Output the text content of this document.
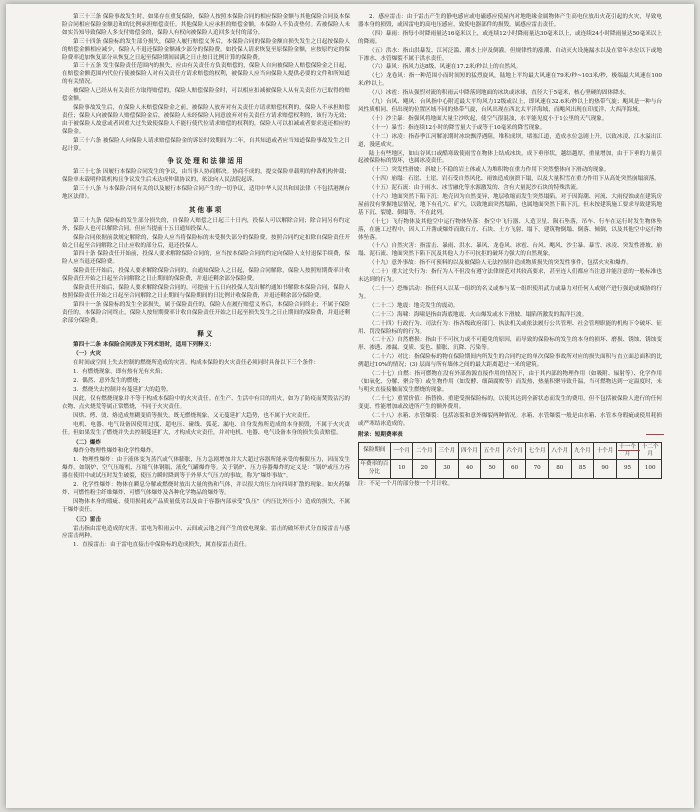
第三十三条 保险事故发生时，如果存在重复保险，保险人按照本保险合同的相应保险金额与其他保险合同及本保险合同相应保险金额总和的比例承担赔偿责任。其他保险人应承担的赔偿金额，本保险人不负责垫付。若被保险人未如实告知导致保险人多支付赔偿金的，保险人有权向被保险人追回多支付的部分。

第三十四条 保险标的发生部分损失，保险人履行赔偿义务后，本保险合同的保险金额自损失发生之日起按保险人的赔偿金额相应减少，保险人不退还保险金额减少部分的保险费。如投保人请求恢复至原保险金额，应按原约定的保险费率追加恢复部分从恢复之日起至保险期间届满之日止按日比例计算的保险费。

第三十五条 发生保险责任范围内的损失，应由有关责任方负责赔偿的，保险人自向被保险人赔偿保险金之日起，在赔偿金额范围内代位行使被保险人对有关责任方请求赔偿的权利，被保险人应当向保险人提供必要的文件和所知道的有关情况。

被保险人已经从有关责任方取得赔偿的，保险人赔偿保险金时，可以相应扣减被保险人从有关责任方已取得的赔偿金额。

保险事故发生后，在保险人未赔偿保险金之前，被保险人放弃对有关责任方请求赔偿权利的，保险人不承担赔偿责任；保险人向被保险人赔偿保险金后，被保险人未经保险人同意放弃对有关责任方请求赔偿权利的，该行为无效；由于被保险人故意或者因重大过失致使保险人不能行使代位请求赔偿的权利的，保险人可以扣减或者要求返还相应的保险金。

第三十六条 被保险人向保险人请求赔偿保险金的诉讼时效期间为二年，自其知道或者应当知道保险事故发生之日起计算。

争议处理和法律适用

第三十七条 因履行本保险合同发生的争议，由当事人协商解决。协商不成的，提交保险单载明的仲裁机构仲裁；保险单未载明仲裁机构且争议发生后未达成仲裁协议的，依法向人民法院起诉。

第三十八条 与本保险合同有关的以及履行本保险合同产生的一切争议，适用中华人民共和国法律（不包括港澳台地区法律）。

其他事项

第三十九条 保险标的发生部分损失的，自保险人赔偿之日起三十日内，投保人可以解除合同；除合同另有约定外，保险人也可以解除合同，但应当提前十五日通知投保人。

保险合同依据前款规定解除的，保险人应当将保险标的未受损失部分的保险费，按照合同约定扣除自保险责任开始之日起至合同解除之日止应收的部分后，退还投保人。

第四十条 保险责任开始前，投保人要求解除保险合同的，应当按本保险合同的约定向保险人支付退保手续费，保险人应当退还保险费。

保险责任开始后，投保人要求解除保险合同的，自通知保险人之日起，保险合同解除，保险人按照短期费率计收保险责任开始之日起至合同解除之日止期间的保险费，并退还剩余部分保险费。

保险责任开始后，保险人要求解除保险合同的，可提前十五日向投保人发出解约通知书解除本保险合同，保险人按照保险责任开始之日起至合同解除之日止期间与保险期间的日比例计收保险费，并退还剩余部分保险费。

第四十一条 保险标的发生全部损失，属于保险责任的，保险人在履行赔偿义务后，本保险合同终止；不属于保险责任的，本保险合同终止，保险人按短期费率计收自保险责任开始之日起至损失发生之日止期间的保险费，并退还剩余部分保险费。

释义

第四十二条 本保险合同涉及下列术语时，适用下列释义：

（一）火灾

在时间或空间上失去控制的燃烧所造成的灾害。构成本保险的火灾责任必须同时具备以下三个条件：

1．有燃烧现象，即有热有光有火焰；

2．偶然、意外发生的燃烧；

3．燃烧失去控制并有蔓延扩大的趋势。

因此，仅有燃烧现象并不等于构成本保险中的火灾责任。在生产、生活中有目的用火，如为了防疫而焚毁沾污的衣物、点火烧荒等属正常燃烧，不同于火灾责任。

因烘、烤、烫、烙造成焦糊变质等损失，既无燃烧现象，又无蔓延扩大趋势，也不属于火灾责任。

电机、电器、电气设备因使用过度、超电压、碰线、弧花、漏电、自身发热所造成的本身损毁，不属于火灾责任。但如果发生了燃烧并失去控制蔓延扩大，才构成火灾责任，并对电机、电器、电气设备本身的损失负责赔偿。

（二）爆炸

爆炸分物理性爆炸和化学性爆炸。

1．物理性爆炸：由于液体变为蒸汽或气体膨胀，压力急剧增加并大大超过容器所能承受的极限压力，因而发生爆炸。如锅炉、空气压缩机、压缩气体钢瓶、液化气罐爆炸等。关于锅炉、压力容器爆炸的定义是：“锅炉或压力容器在使用中或试压时发生破裂，使压力瞬时降到等于外界大气压力的事故，称为“爆炸事故”。

2．化学性爆炸：物体在瞬息分解或燃烧时放出大量的热和气体，并以很大的压力向四周扩散的现象。如火药爆炸、可燃性粉尘纤维爆炸、可燃气体爆炸及各种化学物品的爆炸等。

因物体本身的瑕疵、使用损耗或产品质量低劣以及由于容器内部承受“负压”（内压比外压小）造成的损失，不属于爆炸责任。

（三）雷击

雷击指由雷电造成的灾害。雷电为积雨云中、云间或云地之间产生的放电现象。雷击的破坏形式分直接雷击与感应雷击两种。

1．直接雷击：由于雷电直接击中保险标的造成损失，属直接雷击责任。

2．感应雷击：由于雷击产生的静电感应或电磁感应使屋内对地绝缘金属物体产生高电位放出火花引起的火灾，导致电器本身的损毁，或因雷电的高电压感应，致使电器部件的损毁，属感应雷击责任。

（四）暴雨：指每小时降雨量达16毫米以上，或连续12小时降雨量达30毫米以上，或连续24小时降雨量达50毫米以上的降雨。

（五）洪水：指山洪暴发、江河泛滥、潮水上岸及倒灌。但规律性的涨潮、自动灭火设施漏水以及在常年水位以下或地下渗水、水管爆裂不属于洪水责任。

（六）暴风：指风力达8级、风速在17.2米/秒以上的自然风。

（七）龙卷风：指一种范围小而时间短的猛烈旋风，陆地上平均最大风速在79米/秒~103米/秒，极端最大风速在100米/秒以上。

（八）冰雹：指从强烈对流的积雨云中降落到地面的冰块或冰球，直径大于5毫米，核心坚硬的固体降水。

（九）台风、飓风：台风指中心附近最大平均风力12级或以上，即风速在32.6米/秒以上的热带气旋；飓风是一种与台风性质相同、但出现的位置区域不同的热带气旋，台风出现在西北太平洋海域，而飓风出现在印度洋、大西洋海域。

（十）沙尘暴：指强风将地面大量尘沙吹起，使空气很混浊，水平能见度小于1公里的天气现象。

（十一）暴雪：指连续12小时的降雪量大于或等于10毫米的降雪现象。

（十二）冰凌：指春季江河解冻期时冰块飘浮遇阻，堆积成坝，堵塞江道，造成水位急剧上升，以致冰凌、江水溢出江道，漫延成灾。

陆上有些地区，如山谷风口或酷寒致使雨雪在物体上结成冰块，成下垂形状，越结越厚，重量增加，由于下垂的力量引起被保险标的毁坏，也属冰凌责任。

（十三）突发性滑坡：斜坡上不稳的岩土体或人为堆积物在重力作用下突然整体向下滑动的现象。

（十四）崩塌：石崖、土崖、岩石受自然风化、雨蚀造成崩溃下塌，以及大量积雪在重力作用下从高处突然崩塌滚落。

（十五）泥石流：由于雨水、冰雪融化等水源激发的、含有大量泥沙石块的特殊洪流。

（十六）地面突然下陷下沉：地壳因为自然变异，地层收缩而发生突然塌陷。对于因海潮、河流、大雨侵蚀或在建筑房屋前没有掌握地层情况，地下有孔穴、矿穴，以致地面突然塌陷，也属地面突然下陷下沉。但未按建筑施工要求导致建筑地基下沉、裂缝、倒塌等，不在此列。

（十七）飞行物体及其他空中运行物体坠落：指空中飞行器、人造卫星、陨石坠落，吊车、行车在运行时发生物体坠落，在施工过程中，因人工开凿或爆炸而致石方、石块、土方飞射、塌下，建筑物倒塌、倒落、倾倒，以及其他空中运行物体坠落。

（十八）自然灾害：指雷击、暴雨、洪水、暴风、龙卷风、冰雹、台风、飓风、沙尘暴、暴雪、冰凌、突发性滑坡、崩塌、泥石流、地面突然下陷下沉及其他人力不可抗拒的破坏力强大的自然现象。

（十九）意外事故：指不可预料的以及被保险人无法控制并造成物质损失的突发性事件，包括火灾和爆炸。

（二十）重大过失行为：指行为人不但没有遵守法律规范对其较高要求，甚至连人们都应当注意并能注意的一般标准也未达到的行为。

（二十一）恐怖活动：指任何人以某一组织的名义或参与某一组织使用武力或暴力对任何人或财产进行强迫或威胁的行为。

（二十二）地震：地壳发生的震动。

（二十三）海啸：海啸是指由海底地震、火山爆发或水下滑坡、塌陷所激发的海洋巨波。

（二十四）行政行为、司法行为：指各级政府部门、执法机关或依法履行公共管理、社会管理职能的机构下令破坏、征用、罚没保险标的的行为。

（二十五）自然磨损：指由于不可抗力或不可避免的原因，而导致的保险标的发生的本身的损坏、磨损、锈蚀、锈蚀变形、渗透、渗漏、变质、变色、膨胀、沉降、污染等。

（二十六）对比：指保险标的物在保险期间内所发生的合同约定的单次保险事故所对应的损失面积与直立面总面积的比例超过10%的情况；(3) 层面与所有墙体之间的最大距离超过一米的建筑。

（二十七）自燃：指可燃物在没有外部热源直接作用的情况下，由于其内部的物理作用（如吸附、辐射等）、化学作用（如氧化、分解、聚合等）或生物作用（如发酵、细菌腐败等）而发热，热量积聚导致升温，当可燃物达到一定温度时，未与明火直接接触而发生燃烧的现象。

（二十七）重置价值：指替换、重建受损保险标的，以使其达到全新状态而发生的费用，但不包括被保险人进行的任何变更、性能增加或改进所产生的额外费用。

（二十八）水箱、水管爆裂：包括冻裂和意外爆裂两种情况。水箱、水管爆裂一般是由水箱、水管本身瑕疵或使用耗损或严寒结冰造成的。

附录：短期费率表
保险期间	一个月	二个月	三个月	四个月	五个月	六个月	七个月	八个月	九个月	十个月	十一个月	十二个月
年费率的百分比	10	20	30	40	50	60	70	80	85	90	95	100
注：不足一个月的部分按一个月计收。
